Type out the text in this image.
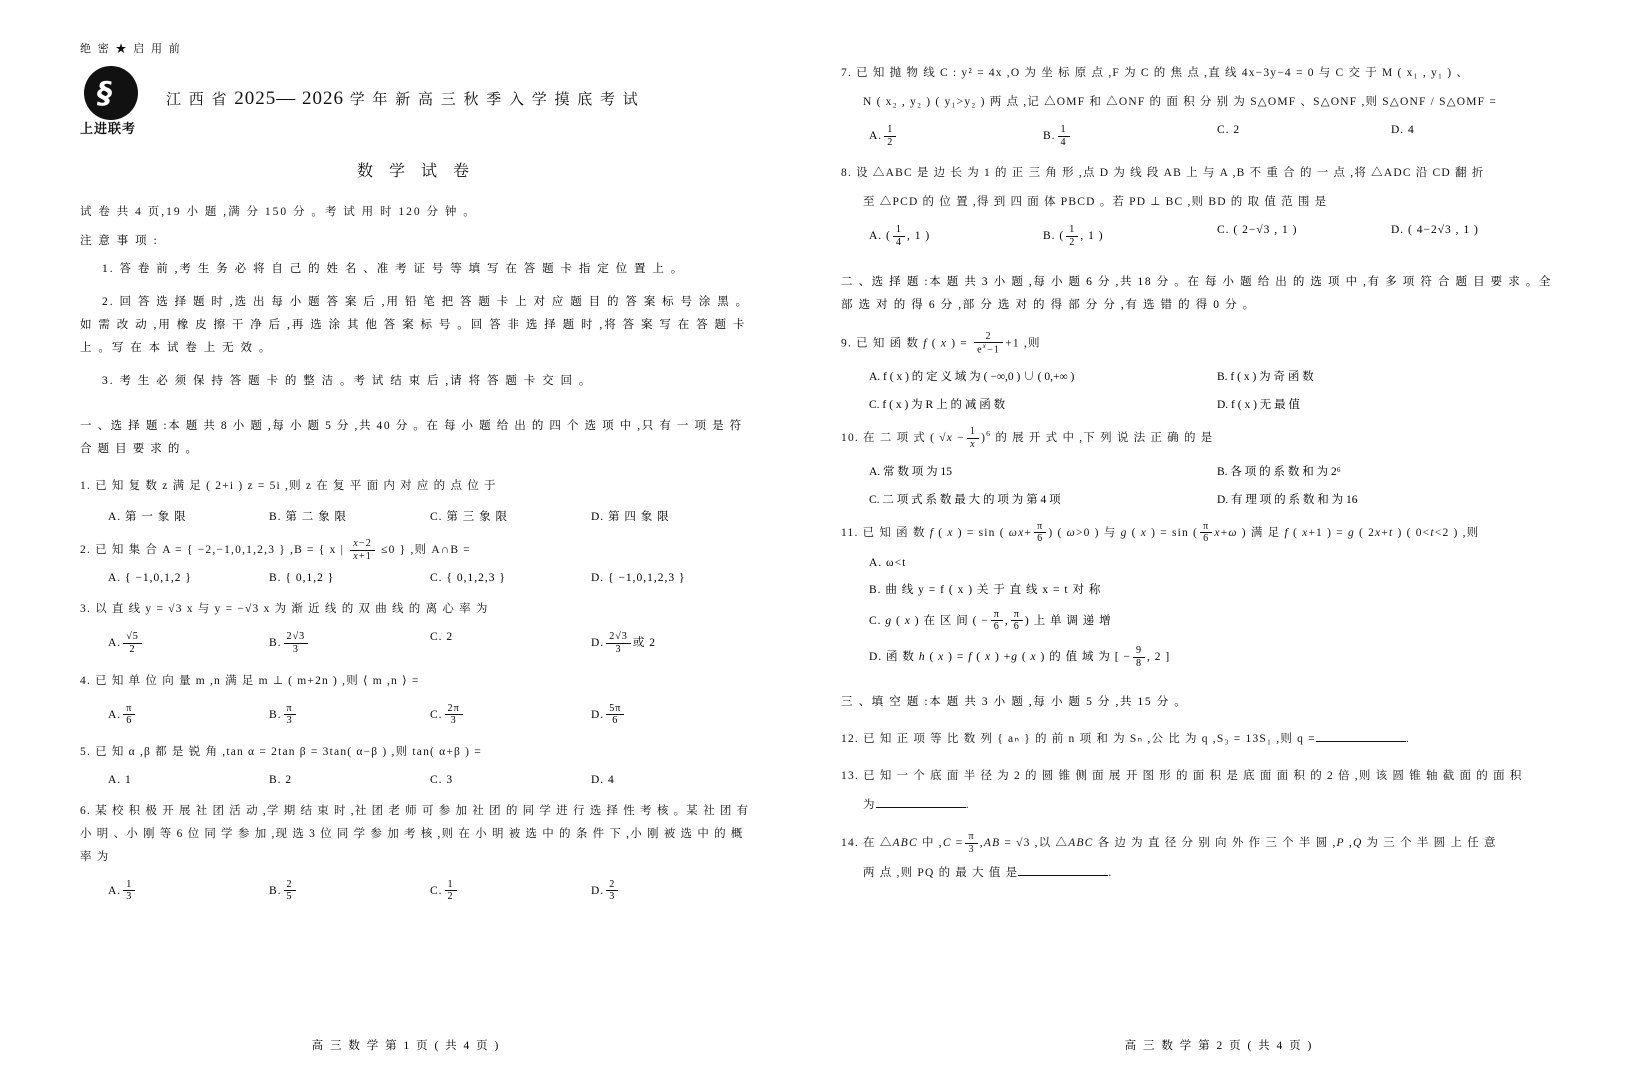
绝 密 ★ 启 用 前
§
上进联考
江 西 省 2025— 2026 学 年 新 高 三 秋 季 入 学 摸 底 考 试
数 学 试 卷
试 卷 共 4 页,19 小 题 ,满 分 150 分 。考 试 用 时 120 分 钟 。
注 意 事 项 :
1. 答 卷 前 ,考 生 务 必 将 自 己 的 姓 名 、准 考 证 号 等 填 写 在 答 题 卡 指 定 位 置 上 。
2. 回 答 选 择 题 时 ,选 出 每 小 题 答 案 后 ,用 铅 笔 把 答 题 卡 上 对 应 题 目 的 答 案 标 号 涂 黑 。如 需 改 动 ,用 橡 皮 擦 干 净 后 ,再 选 涂 其 他 答 案 标 号 。回 答 非 选 择 题 时 ,将 答 案 写 在 答 题 卡 上 。写 在 本 试 卷 上 无 效 。
3. 考 生 必 须 保 持 答 题 卡 的 整 洁 。考 试 结 束 后 ,请 将 答 题 卡 交 回 。
一 、选 择 题 :本 题 共 8 小 题 ,每 小 题 5 分 ,共 40 分 。在 每 小 题 给 出 的 四 个 选 项 中 ,只 有 一 项 是 符 合 题 目 要 求 的 。
1. 已 知 复 数 z 满 足 ( 2+i ) z = 5i ,则 z 在 复 平 面 内 对 应 的 点 位 于
A. 第 一 象 限	B. 第 二 象 限	C. 第 三 象 限	D. 第 四 象 限
2. 已 知 集 合 A = { −2,−1,0,1,2,3 } ,B = { x | $\frac{x-2}{x+1} \le 0$ } ,则 A∩B =
A. { −1,0,1,2 }	B. { 0,1,2 }	C. { 0,1,2,3 }	D. { −1,0,1,2,3 }
3. 以 直 线 y = √3 x 与 y = −√3 x 为 渐 近 线 的 双 曲 线 的 离 心 率 为
A. $\frac{√5}{2}$	B. $\frac{2√3}{3}$	C. 2	D. $\frac{2√3}{3}$ 或 2
4. 已 知 单 位 向 量 m ,n 满 足 m ⊥ ( m+2n ) ,则 ⟨ m ,n ⟩ =
A. $\frac{\pi}{6}$	B. $\frac{\pi}{3}$	C. $\frac{2\pi}{3}$	D. $\frac{5\pi}{6}$
5. 已 知 α ,β 都 是 锐 角 ,tan α = 2tan β = 3tan( α−β ) ,则 tan( α+β ) =
A. 1	B. 2	C. 3	D. 4
6. 某 校 积 极 开 展 社 团 活 动 ,学 期 结 束 时 ,社 团 老 师 可 参 加 社 团 的 同 学 进 行 选 择 性 考 核 。某 社 团 有 小 明 、小 刚 等 6 位 同 学 参 加 ,现 选 3 位 同 学 参 加 考 核 ,则 在 小 明 被 选 中 的 条 件 下 ,小 刚 被 选 中 的 概 率 为
A. $\frac{1}{3}$	B. $\frac{2}{5}$	C. $\frac{1}{2}$	D. $\frac{2}{3}$
高 三 数 学 第 1 页 ( 共 4 页 )
7. 已 知 抛 物 线 C : y² = 4x ,O 为 坐 标 原 点 ,F 为 C 的 焦 点 ,直 线 4x−3y−4 = 0 与 C 交 于 M ( x₁ , y₁ ) 、
N ( x₂ , y₂ ) ( y₁>y₂ ) 两 点 ,记 △OMF 和 △ONF 的 面 积 分 别 为 S△OMF 、S△ONF ,则 S△ONF / S△OMF =
A. $\frac{1}{2}$	B. $\frac{1}{4}$	C. 2	D. 4
8. 设 △ABC 是 边 长 为 1 的 正 三 角 形 ,点 D 为 线 段 AB 上 与 A ,B 不 重 合 的 一 点 ,将 △ADC 沿 CD 翻 折
至 △PCD 的 位 置 ,得 到 四 面 体 PBCD 。若 PD ⊥ BC ,则 BD 的 取 值 范 围 是
A. ( $\frac{1}{4}$ , 1 )	B. ( $\frac{1}{2}$ , 1 )	C. ( 2−√3 , 1 )	D. ( 4−2√3 , 1 )
二 、选 择 题 :本 题 共 3 小 题 ,每 小 题 6 分 ,共 18 分 。在 每 小 题 给 出 的 选 项 中 ,有 多 项 符 合 题 目 要 求 。全 部 选 对 的 得 6 分 ,部 分 选 对 的 得 部 分 分 ,有 选 错 的 得 0 分 。
9. 已 知 函 数 f ( x ) = $\frac{2}{e^x-1} +1$ ,则
A. f ( x ) 的 定 义 域 为 ( −∞,0 ) ∪ ( 0,+∞ )	B. f ( x ) 为 奇 函 数
C. f ( x ) 为 R 上 的 减 函 数	D. f ( x ) 无 最 值
10. 在 二 项 式 ( $√x - \frac{1}{x} )^6$ 的 展 开 式 中 ,下 列 说 法 正 确 的 是
A. 常 数 项 为 15	B. 各 项 的 系 数 和 为 2⁶
C. 二 项 式 系 数 最 大 的 项 为 第 4 项	D. 有 理 项 的 系 数 和 为 16
11. 已 知 函 数 f ( x ) = sin ( $\omega x+ \frac{\pi}{6}$ ) ( ω>0 ) 与 g ( x ) = sin ( $\frac{\pi}{6} x+\omega$ ) 满 足 f ( x+1 ) = g ( 2x+t ) ( 0<t<2 ) ,则
A. ω<t
B. 曲 线 y = f ( x ) 关 于 直 线 x = t 对 称
C. g ( x ) 在 区 间 ( − $\frac{\pi}{6}$ , $\frac{\pi}{6}$ ) 上 单 调 递 增
D. 函 数 h ( x ) = f ( x ) +g ( x ) 的 值 域 为 [ − $\frac{9}{8}$ , 2 ]
三 、填 空 题 :本 题 共 3 小 题 ,每 小 题 5 分 ,共 15 分 。
12. 已 知 正 项 等 比 数 列 { aₙ } 的 前 n 项 和 为 Sₙ ,公 比 为 q ,S₃ = 13S₁ ,则 q =	.
13. 已 知 一 个 底 面 半 径 为 2 的 圆 锥 侧 面 展 开 图 形 的 面 积 是 底 面 面 积 的 2 倍 ,则 该 圆 锥 轴 截 面 的 面 积
为	.
14. 在 △ABC 中 $,C = \frac{\pi}{3} ,AB = √3$ ,以 △ABC 各 边 为 直 径 分 别 向 外 作 三 个 半 圆 ,P ,Q 为 三 个 半 圆 上 任 意
两 点 ,则 PQ 的 最 大 值 是	.
高 三 数 学 第 2 页 ( 共 4 页 )
